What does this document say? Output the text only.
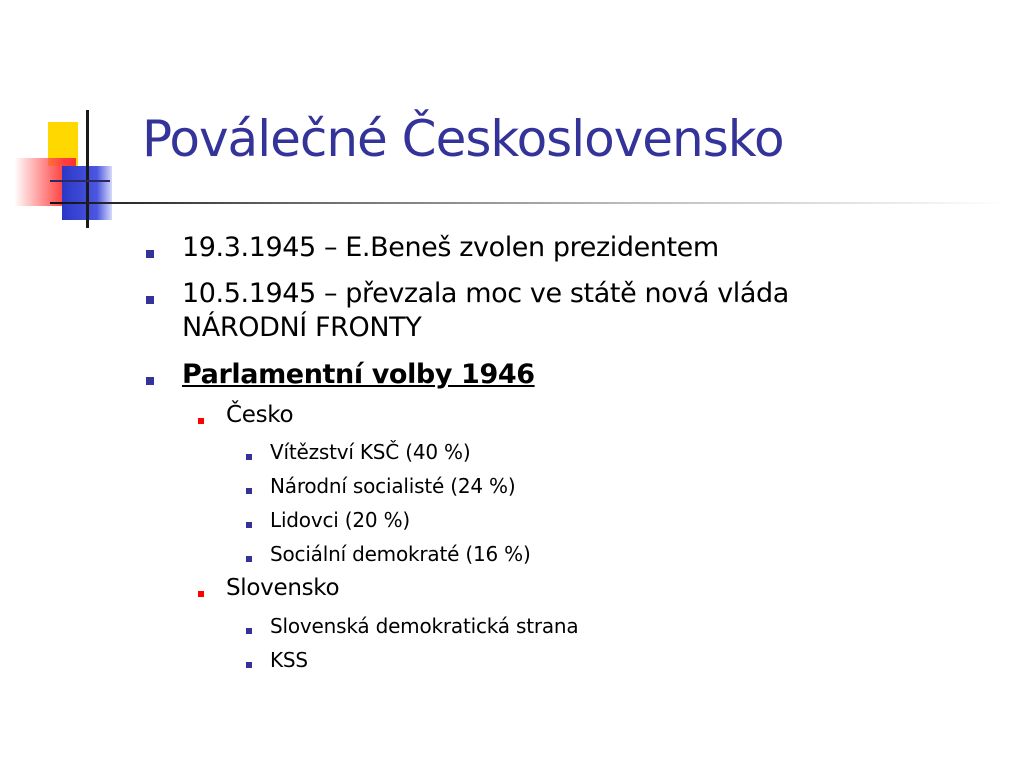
Poválečné Československo
19.3.1945 – E.Beneš zvolen prezidentem
10.5.1945 – převzala moc ve státě nová vláda
NÁRODNÍ FRONTY
Parlamentní volby 1946
Česko
Vítězství KSČ (40 %)
Národní socialisté (24 %)
Lidovci (20 %)
Sociální demokraté (16 %)
Slovensko
Slovenská demokratická strana
KSS
